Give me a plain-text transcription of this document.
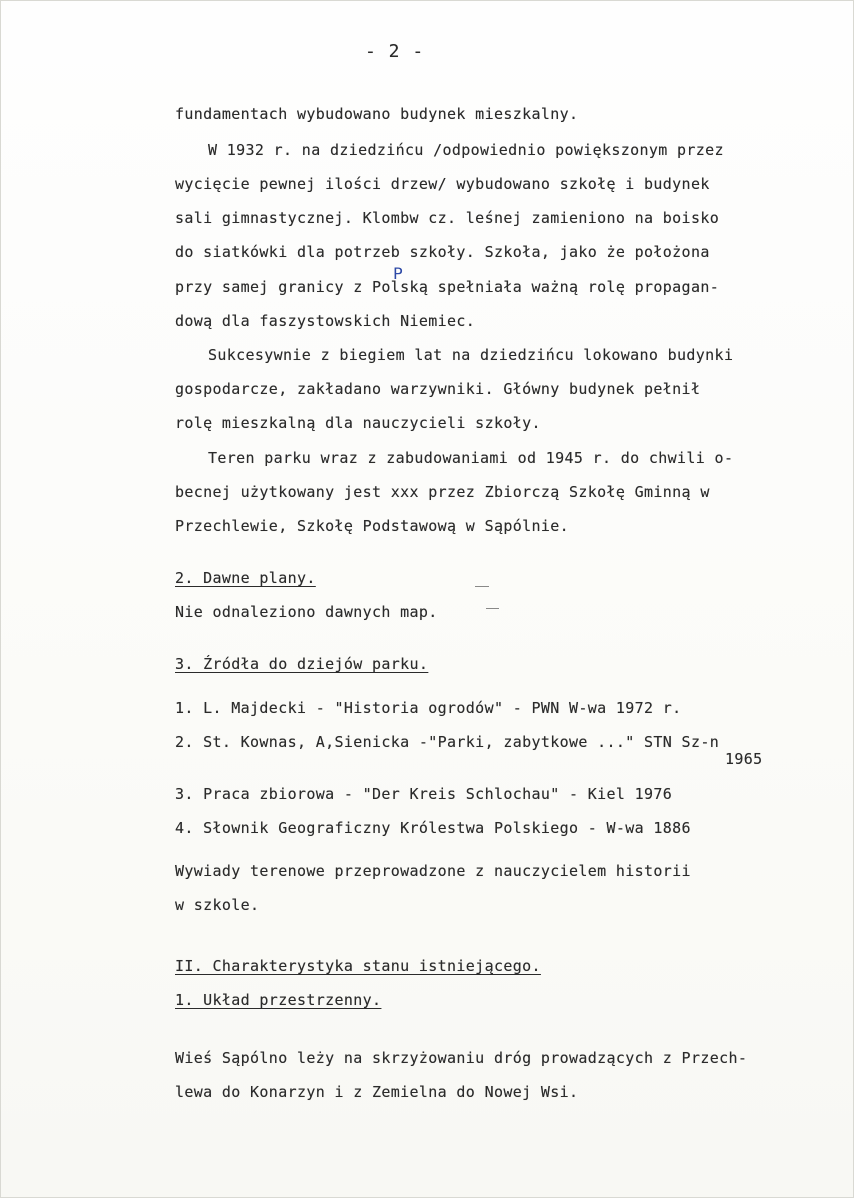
- 2 -
fundamentach wybudowano budynek mieszkalny.
W 1932 r. na dziedzińcu /odpowiednio powiększonym przez
wycięcie pewnej ilości drzew/ wybudowano szkołę i budynek
sali gimnastycznej. Klombw cz. leśnej zamieniono na boisko
do siatkówki dla potrzeb szkoły. Szkoła, jako że położona
przy samej granicy z Polską spełniała ważną rolę propagan-
dową dla faszystowskich Niemiec.
Sukcesywnie z biegiem lat na dziedzińcu lokowano budynki
gospodarcze, zakładano warzywniki. Główny budynek pełnił
rolę mieszkalną dla nauczycieli szkoły.
Teren parku wraz z zabudowaniami od 1945 r. do chwili o-
becnej użytkowany jest xxx przez Zbiorczą Szkołę Gminną w
Przechlewie, Szkołę Podstawową w Sąpólnie.
2. Dawne plany.
Nie odnaleziono dawnych map.
3. Źródła do dziejów parku.
1. L. Majdecki - "Historia ogrodów" - PWN W-wa 1972 r.
2. St. Kownas, A,Sienicka -"Parki, zabytkowe ..." STN Sz-n
1965
3. Praca zbiorowa - "Der Kreis Schlochau" - Kiel 1976
4. Słownik Geograficzny Królestwa Polskiego - W-wa 1886
Wywiady terenowe przeprowadzone z nauczycielem historii
w szkole.
II. Charakterystyka stanu istniejącego.
1. Układ przestrzenny.
Wieś Sąpólno leży na skrzyżowaniu dróg prowadzących z Przech-
lewa do Konarzyn i z Zemielna do Nowej Wsi.
P
